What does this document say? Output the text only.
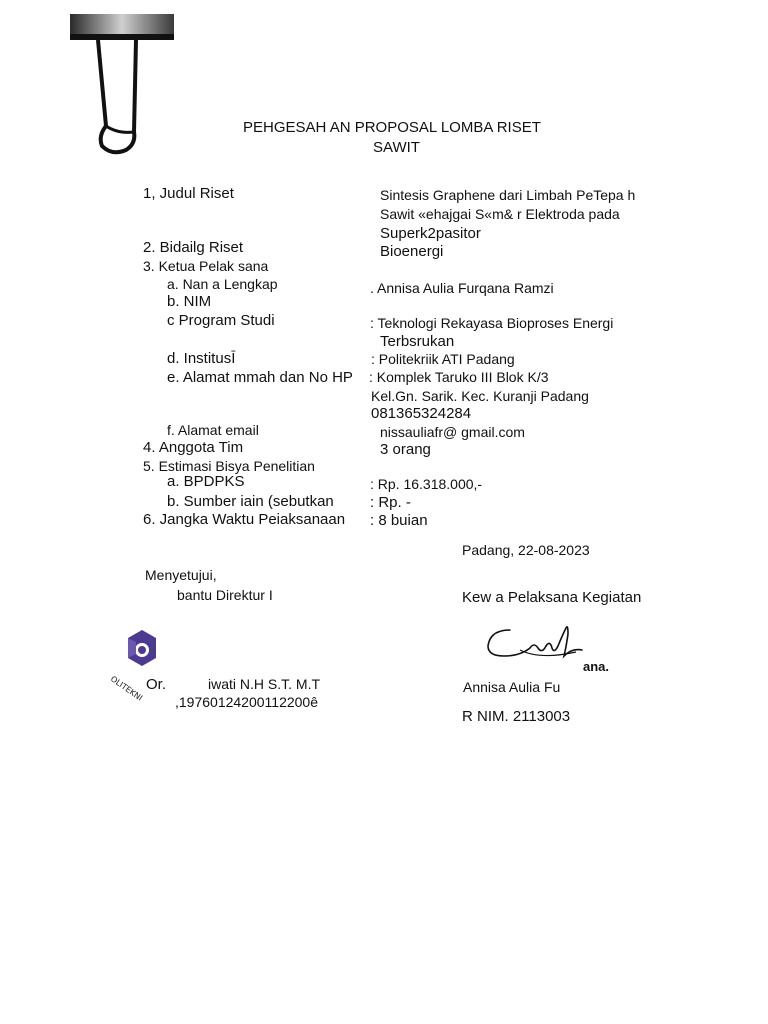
PEHGESAH AN PROPOSAL LOMBA RISET
SAWIT
1, Judul Riset	Sintesis Graphene dari Limbah PeTepa h
Sawit «ehajgai S«m& r Elektroda pada
Superk2pasitor
2. Bidailg Riset	Bioenergi
3. Ketua Pelak sana
a. Nan a Lengkap	. Annisa Aulia Furqana Ramzi
b. NIM
c Program Studi	: Teknologi Rekayasa Bioproses Energi
Terbsrukan
d. InstitusĪ	: Politekriik ATI Padang
e. Alamat mmah dan No HP : Komplek Taruko III Blok K/3
Kel.Gn. Sarik. Kec. Kuranji Padang
081365324284
f. Alamat email	nissauliafr@ gmail.com
4. Anggota Tim	3 orang
5. Estimasi Bisya Penelitian
a. BPDPKS	: Rp. 16.318.000,-
b. Sumber iain (sebutkan : Rp. -
6. Jangka Waktu Peiaksanaan : 8 buian
Padang, 22-08-2023
Menyetujui,
bantu Direktur I	Kew a Pelaksana Kegiatan
OLITEKNI Or.	iwati N.H S.T. M.T
,19760124200112200ê
ana.
Annisa Aulia Fu
R NIM. 2113003
